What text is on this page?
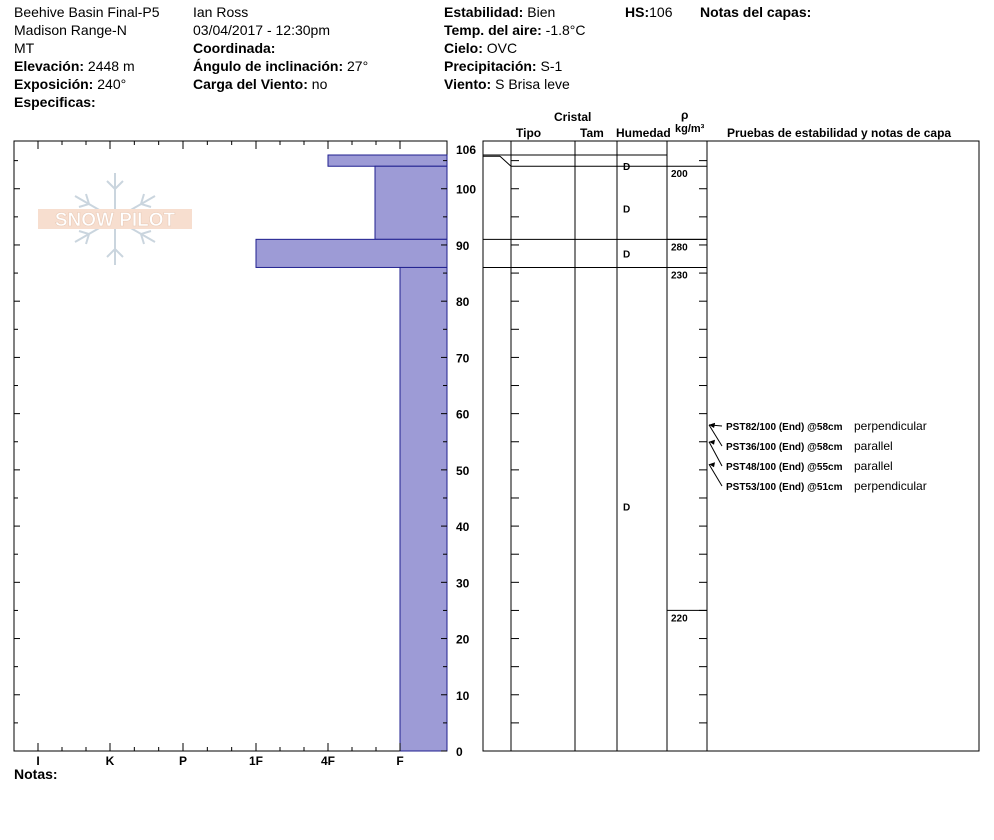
Beehive Basin Final-P5
Madison Range-N
MT
Elevación: 2448 m
Exposición: 240°
Especificas:
Ian Ross
03/04/2017 - 12:30pm
Coordinada:
Ángulo de inclinación: 27°
Carga del Viento: no
Estabilidad: Bien
Temp. del aire: -1.8°C
Cielo: OVC
Precipitación: S-1
Viento: S Brisa leve
HS:106 Notas del capas:
Cristal
Tipo	Tam Humedad
ρ
kg/m³ Pruebas de estabilidad y notas de capa
Notas:
SNOW PILOT
I	K	P	1F	4F	F
0
10
20
30
40
50
60
70
80
90
100
106
200
230
280
220
D
D
D
D
PST82/100 (End) @58cm perpendicular
PST36/100 (End) @58cm parallel
PST48/100 (End) @55cm parallel
PST53/100 (End) @51cm perpendicular
